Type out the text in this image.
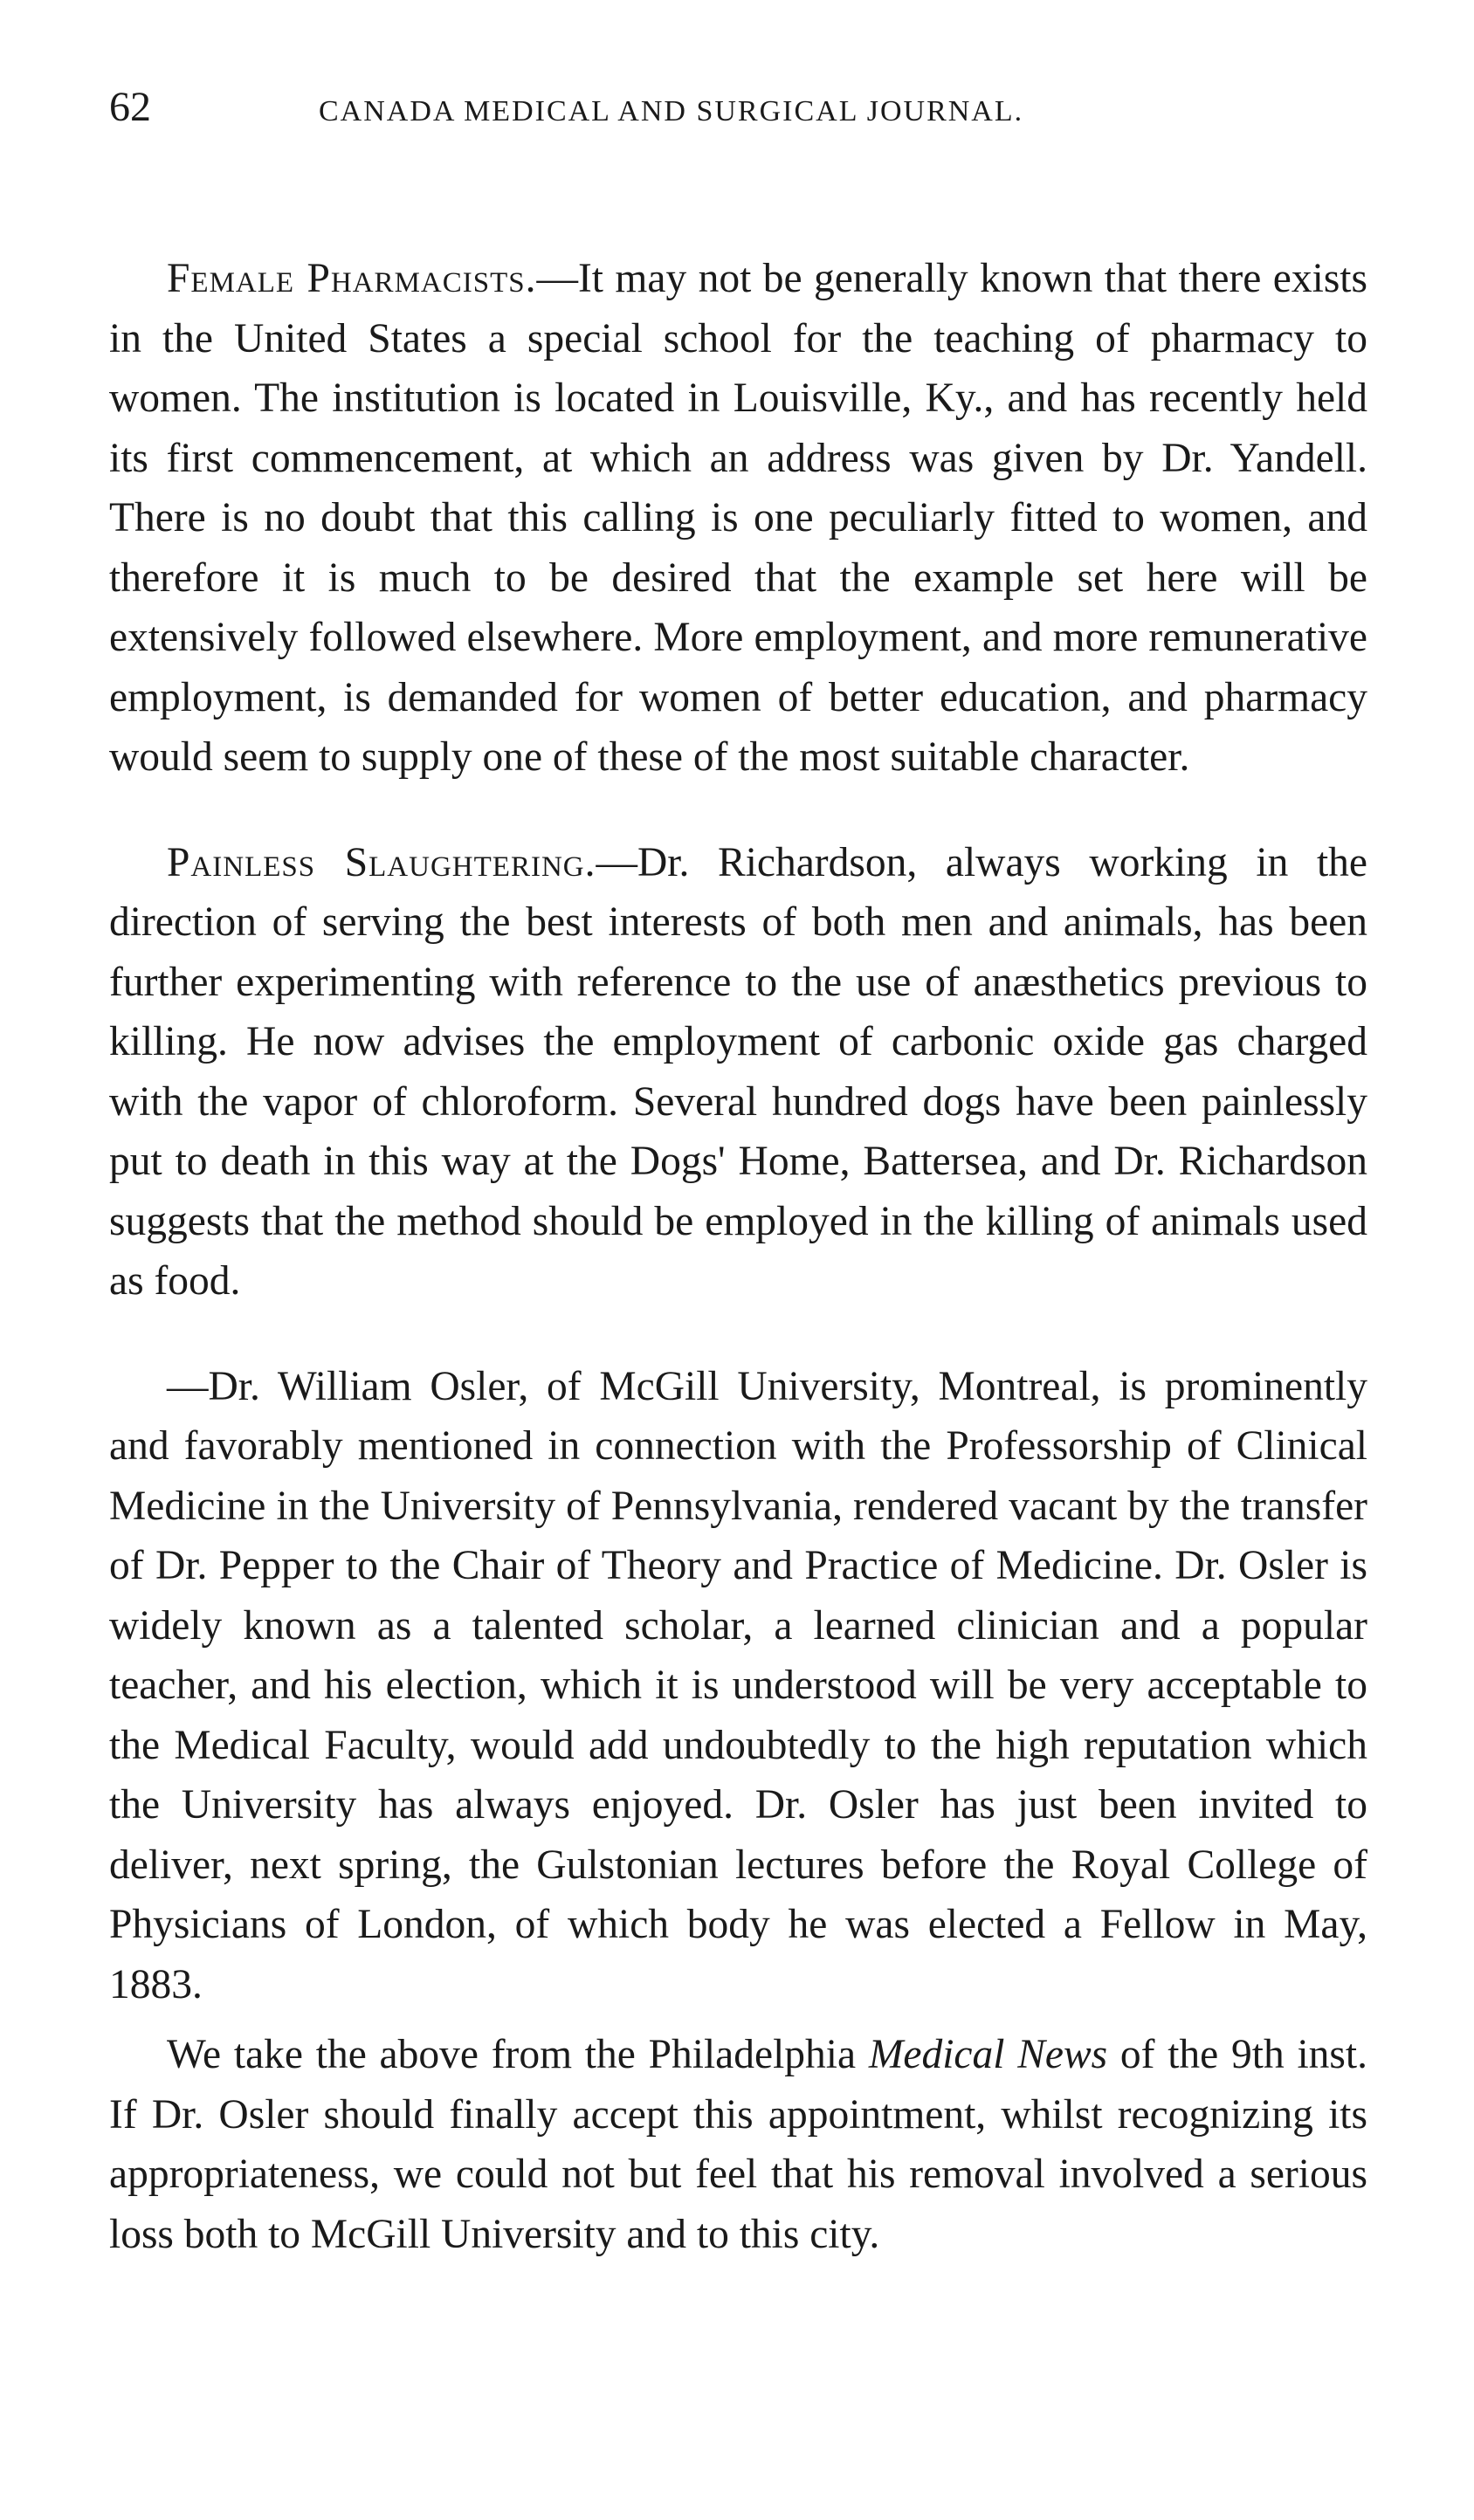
62	CANADA MEDICAL AND SURGICAL JOURNAL.

Female Pharmacists.—It may not be generally known that there exists in the United States a special school for the teaching of pharmacy to women. The institution is located in Louisville, Ky., and has recently held its first commencement, at which an address was given by Dr. Yandell. There is no doubt that this calling is one peculiarly fitted to women, and therefore it is much to be desired that the example set here will be extensively followed elsewhere. More employment, and more remunerative employment, is demanded for women of better education, and pharmacy would seem to supply one of these of the most suitable character.

Painless Slaughtering.—Dr. Richardson, always working in the direction of serving the best interests of both men and animals, has been further experimenting with reference to the use of anæsthetics previous to killing. He now advises the employment of carbonic oxide gas charged with the vapor of chloroform. Several hundred dogs have been painlessly put to death in this way at the Dogs' Home, Battersea, and Dr. Richardson suggests that the method should be employed in the killing of animals used as food.

—Dr. William Osler, of McGill University, Montreal, is prominently and favorably mentioned in connection with the Professorship of Clinical Medicine in the University of Pennsylvania, rendered vacant by the transfer of Dr. Pepper to the Chair of Theory and Practice of Medicine. Dr. Osler is widely known as a talented scholar, a learned clinician and a popular teacher, and his election, which it is understood will be very acceptable to the Medical Faculty, would add undoubtedly to the high reputation which the University has always enjoyed. Dr. Osler has just been invited to deliver, next spring, the Gulstonian lectures before the Royal College of Physicians of London, of which body he was elected a Fellow in May, 1883.

We take the above from the Philadelphia Medical News of the 9th inst. If Dr. Osler should finally accept this appointment, whilst recognizing its appropriateness, we could not but feel that his removal involved a serious loss both to McGill University and to this city.
